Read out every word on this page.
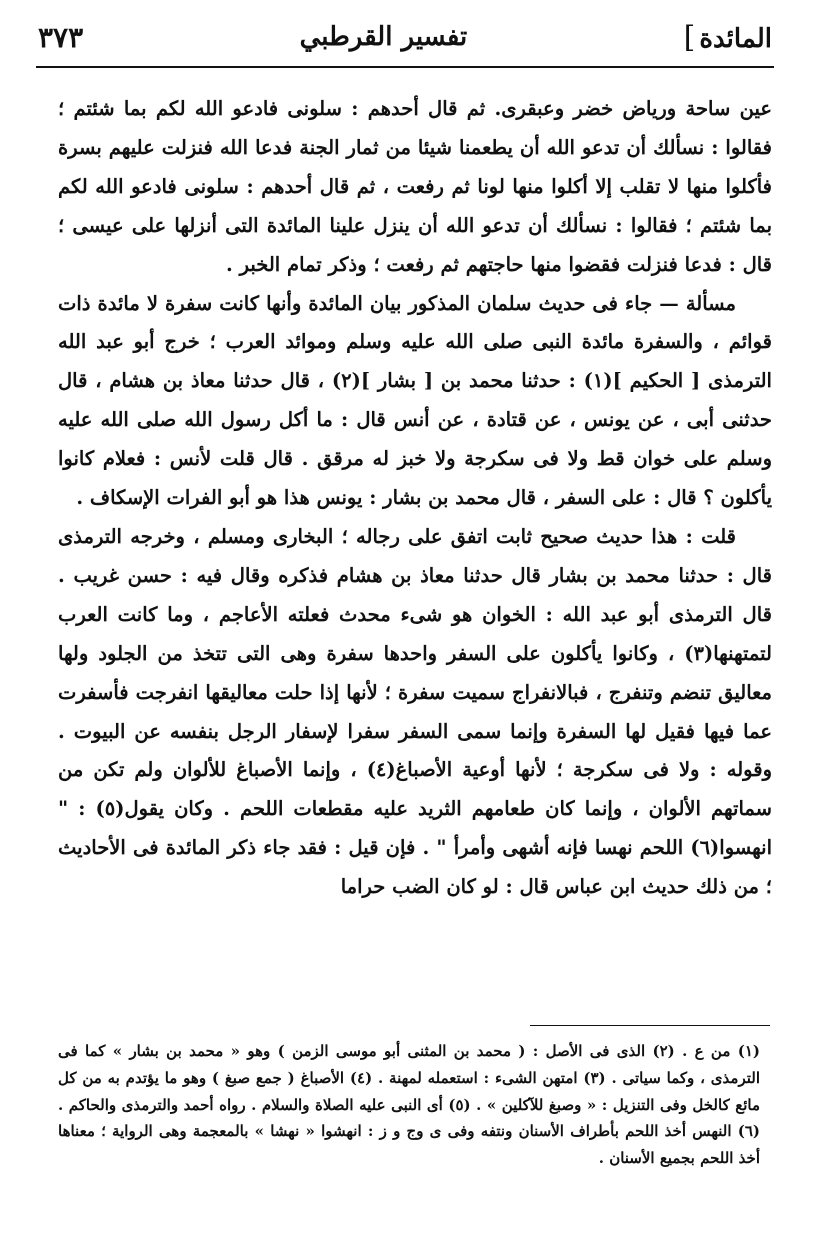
المائدة]
تفسير القرطبي
٣٧٣

عين ساحة ورياض خضر وعبقرى. ثم قال أحدهم : سلونى فادعو الله لكم بما شئتم ؛ فقالوا : نسألك أن تدعو الله أن يطعمنا شيئا من ثمار الجنة فدعا الله فنزلت عليهم بسرة فأكلوا منها لا تقلب إلا أكلوا منها لونا ثم رفعت ، ثم قال أحدهم : سلونى فادعو الله لكم بما شئتم ؛ فقالوا : نسألك أن تدعو الله أن ينزل علينا المائدة التى أنزلها على عيسى ؛ قال : فدعا فنزلت فقضوا منها حاجتهم ثم رفعت ؛ وذكر تمام الخبر .

مسألة — جاء فى حديث سلمان المذكور بيان المائدة وأنها كانت سفرة لا مائدة ذات قوائم ، والسفرة مائدة النبى صلى الله عليه وسلم وموائد العرب ؛ خرج أبو عبد الله الترمذى [ الحكيم ](١) : حدثنا محمد بن [ بشار ](٢) ، قال حدثنا معاذ بن هشام ، قال حدثنى أبى ، عن يونس ، عن قتادة ، عن أنس قال : ما أكل رسول الله صلى الله عليه وسلم على خوان قط ولا فى سكرجة ولا خبز له مرقق . قال قلت لأنس : فعلام كانوا يأكلون ؟ قال : على السفر ، قال محمد بن بشار : يونس هذا هو أبو الفرات الإسكاف .

قلت : هذا حديث صحيح ثابت اتفق على رجاله ؛ البخارى ومسلم ، وخرجه الترمذى قال : حدثنا محمد بن بشار قال حدثنا معاذ بن هشام فذكره وقال فيه : حسن غريب . قال الترمذى أبو عبد الله : الخوان هو شىء محدث فعلته الأعاجم ، وما كانت العرب لتمتهنها(٣) ، وكانوا يأكلون على السفر واحدها سفرة وهى التى تتخذ من الجلود ولها معاليق تنضم وتنفرج ، فبالانفراج سميت سفرة ؛ لأنها إذا حلت معاليقها انفرجت فأسفرت عما فيها فقيل لها السفرة وإنما سمى السفر سفرا لإسفار الرجل بنفسه عن البيوت . وقوله : ولا فى سكرجة ؛ لأنها أوعية الأصباغ(٤) ، وإنما الأصباغ للألوان ولم تكن من سماتهم الألوان ، وإنما كان طعامهم الثريد عليه مقطعات اللحم . وكان يقول(٥) : " انهسوا(٦) اللحم نهسا فإنه أشهى وأمرأ " . فإن قيل : فقد جاء ذكر المائدة فى الأحاديث ؛ من ذلك حديث ابن عباس قال : لو كان الضب حراما

(١) من ع . (٢) الذى فى الأصل : ( محمد بن المثنى أبو موسى الزمن ) وهو « محمد بن بشار » كما فى الترمذى ، وكما سياتى . (٣) امتهن الشىء : استعمله لمهنة . (٤) الأصباغ ( جمع صبغ ) وهو ما يؤتدم به من كل مائع كالخل وفى التنزيل : « وصبغ للآكلين » . (٥) أى النبى عليه الصلاة والسلام . رواه أحمد والترمذى والحاكم . (٦) النهس أخذ اللحم بأطراف الأسنان ونتفه وفى ى وج و ز : انهشوا « نهشا » بالمعجمة وهى الرواية ؛ معناها أخذ اللحم بجميع الأسنان .
